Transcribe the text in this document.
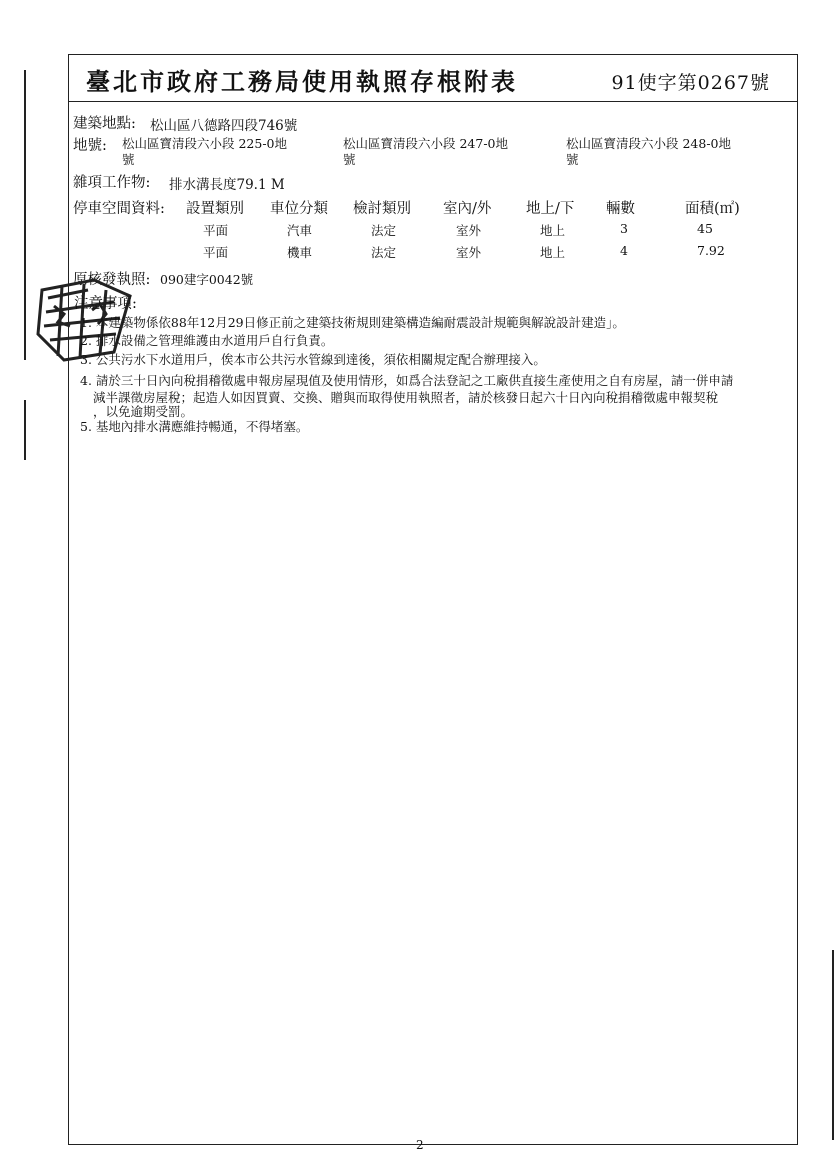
臺北市政府工務局使用執照存根附表	91使字第0267號
建築地點: 松山區八德路四段746號
地號: 松山區寶清段六小段 225-0地號
松山區寶清段六小段 247-0地號
松山區寶清段六小段 248-0地號
雜項工作物: 排水溝長度79.1 M
停車空間資料: 設置類別 車位分類 檢討類別 室內/外 地上/下 輛數	面積(㎡)
平面	汽車	法定	室外	地上	3	45
平面	機車	法定	室外	地上	4	7.92
原核發執照: 090建字0042號
注意事項:
1. 本建築物係依88年12月29日修正前之建築技術規則建築構造編耐震設計規範與解說設計建造」。
2. 排水設備之管理維護由水道用戶自行負責。
3. 公共污水下水道用戶，俟本市公共污水管線到達後，須依相關規定配合辦理接入。
4. 請於三十日內向稅捐稽徵處申報房屋現值及使用情形，如爲合法登記之工廠供直接生產使用之自有房屋，請一併申請
減半課徵房屋稅；起造人如因買賣、交換、贈與而取得使用執照者，請於核發日起六十日內向稅捐稽徵處申報契稅
，以免逾期受罰。
5. 基地內排水溝應維持暢通，不得堵塞。
2
